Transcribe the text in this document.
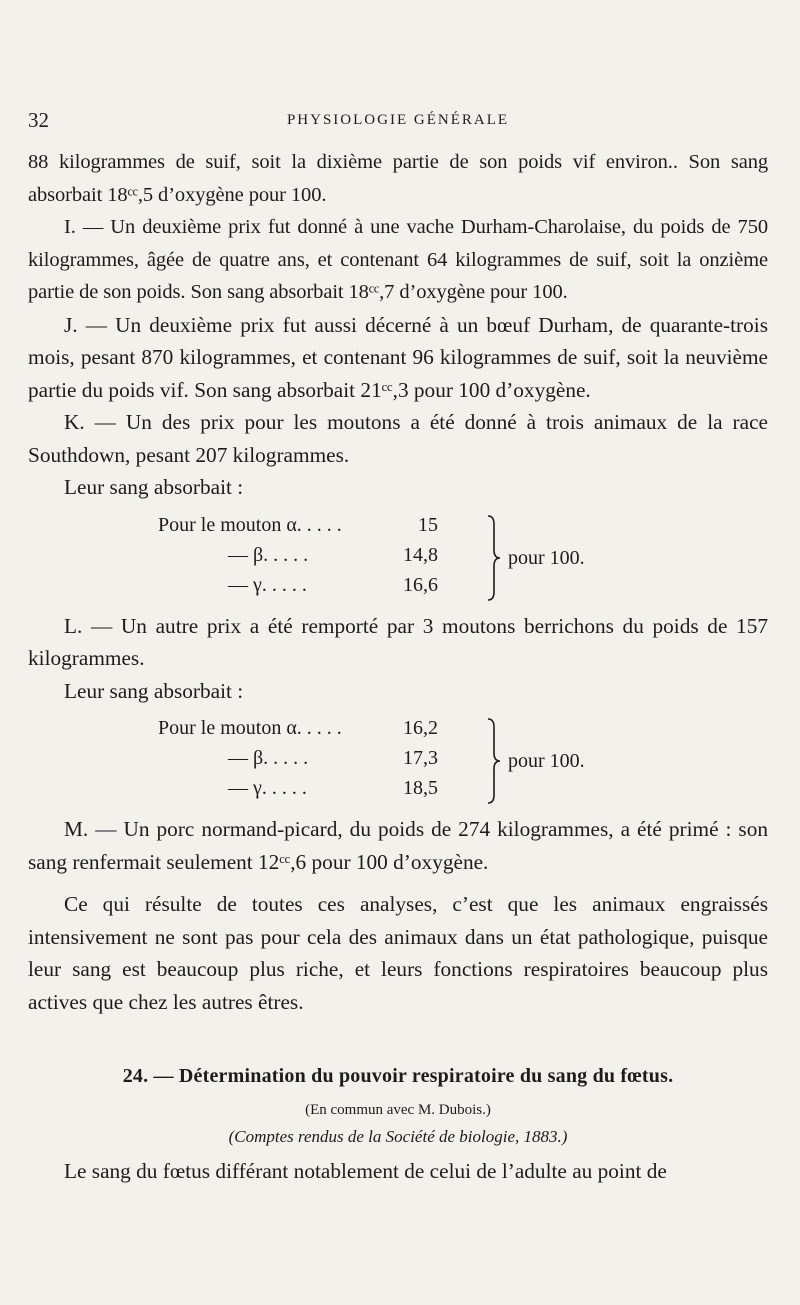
32	PHYSIOLOGIE GÉNÉRALE

88 kilogrammes de suif, soit la dixième partie de son poids vif environ.. Son sang absorbait 18ᶜᶜ,5 d’oxygène pour 100.

I. — Un deuxième prix fut donné à une vache Durham-Charolaise, du poids de 750 kilogrammes, âgée de quatre ans, et contenant 64 kilogrammes de suif, soit la onzième partie de son poids. Son sang absorbait 18ᶜᶜ,7 d’oxygène pour 100.

J. — Un deuxième prix fut aussi décerné à un bœuf Durham, de quarante-trois mois, pesant 870 kilogrammes, et contenant 96 kilogrammes de suif, soit la neuvième partie du poids vif. Son sang absorbait 21ᶜᶜ,3 pour 100 d’oxygène.

K. — Un des prix pour les moutons a été donné à trois animaux de la race Southdown, pesant 207 kilogrammes.

Leur sang absorbait :

Pour le mouton α. . . . .	15
— β. . . . .	14,8
— γ. . . . .	16,6
pour 100.

L. — Un autre prix a été remporté par 3 moutons berrichons du poids de 157 kilogrammes.

Leur sang absorbait :

Pour le mouton α. . . . .	16,2
— β. . . . .	17,3
— γ. . . . .	18,5
pour 100.

M. — Un porc normand-picard, du poids de 274 kilogrammes, a été primé : son sang renfermait seulement 12ᶜᶜ,6 pour 100 d’oxygène.

Ce qui résulte de toutes ces analyses, c’est que les animaux engraissés intensivement ne sont pas pour cela des animaux dans un état pathologique, puisque leur sang est beaucoup plus riche, et leurs fonctions respiratoires beaucoup plus actives que chez les autres êtres.

24. — Détermination du pouvoir respiratoire du sang du fœtus.
(En commun avec M. Dubois.)
(Comptes rendus de la Société de biologie, 1883.)

Le sang du fœtus différant notablement de celui de l’adulte au point de
